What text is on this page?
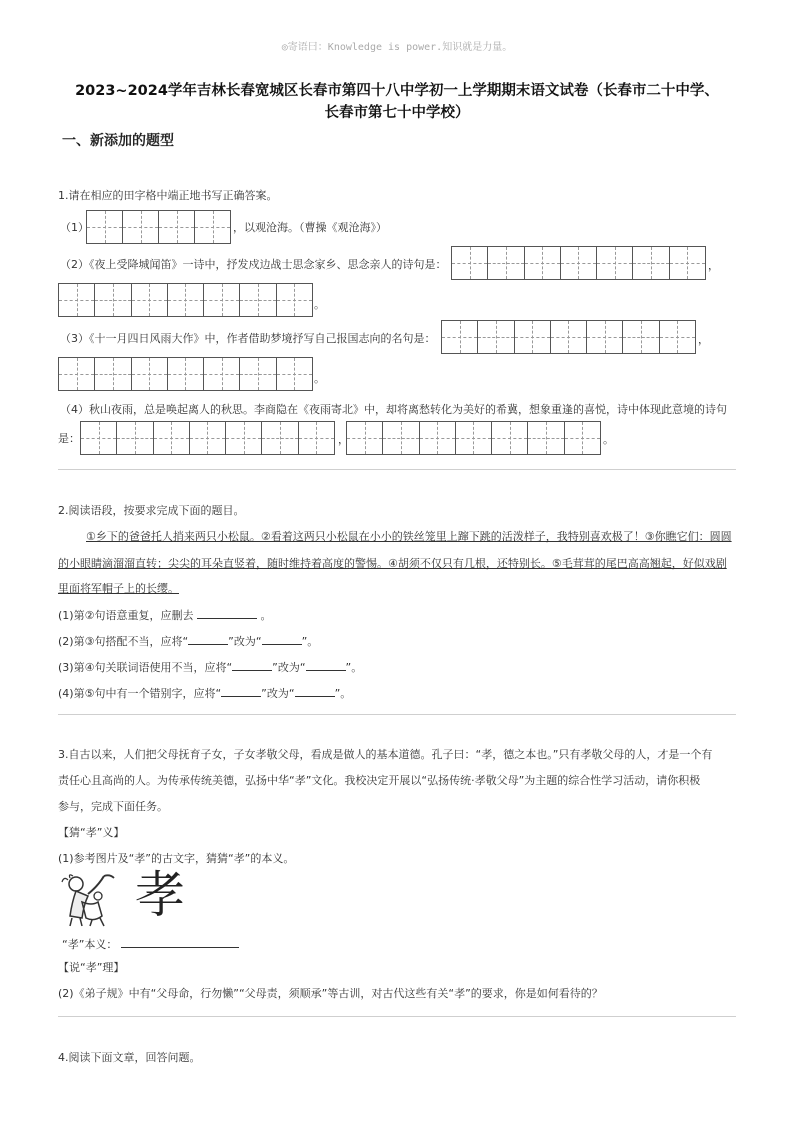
◎寄语曰：Knowledge is power.知识就是力量。
2023~2024学年吉林长春宽城区长春市第四十八中学初一上学期期末语文试卷（长春市二十中学、
长春市第七十中学校）
一、新添加的题型
1.请在相应的田字格中端正地书写正确答案。
（1）	，以观沧海。（曹操《观沧海》）
（2）《夜上受降城闻笛》一诗中，抒发戍边战士思念家乡、思念亲人的诗句是：	，
。
（3）《十一月四日风雨大作》中，作者借助梦境抒写自己报国志向的名句是：	，
。
（4）秋山夜雨，总是唤起离人的秋思。李商隐在《夜雨寄北》中，却将离愁转化为美好的希冀，想象重逢的喜悦，诗中体现此意境的诗句
是：	，	。
2.阅读语段，按要求完成下面的题目。
①乡下的爸爸托人捎来两只小松鼠。②看着这两只小松鼠在小小的铁丝笼里上蹿下跳的活泼样子，我特别喜欢极了！③你瞧它们：圆圆
的小眼睛滴溜溜直转；尖尖的耳朵直竖着，随时维持着高度的警惕。④胡须不仅只有几根，还特别长。⑤毛茸茸的尾巴高高翘起，好似戏剧
里面将军帽子上的长缨。
(1)第②句语意重复，应删去	。
(2)第③句搭配不当，应将“	”改为“	”。
(3)第④句关联词语使用不当，应将“	”改为“	”。
(4)第⑤句中有一个错别字，应将“	”改为“	”。
3.自古以来，人们把父母抚育子女，子女孝敬父母，看成是做人的基本道德。孔子曰：“孝，德之本也。”只有孝敬父母的人，才是一个有
责任心且高尚的人。为传承传统美德，弘扬中华“孝”文化。我校决定开展以“弘扬传统·孝敬父母”为主题的综合性学习活动，请你积极
参与，完成下面任务。
【猜“孝”义】
(1)参考图片及“孝”的古文字，猜猜“孝”的本义。
孝
“孝”本义：
【说“孝”理】
(2)《弟子规》中有“父母命，行勿懒”“父母责，须顺承”等古训，对古代这些有关“孝”的要求，你是如何看待的？
4.阅读下面文章，回答问题。
